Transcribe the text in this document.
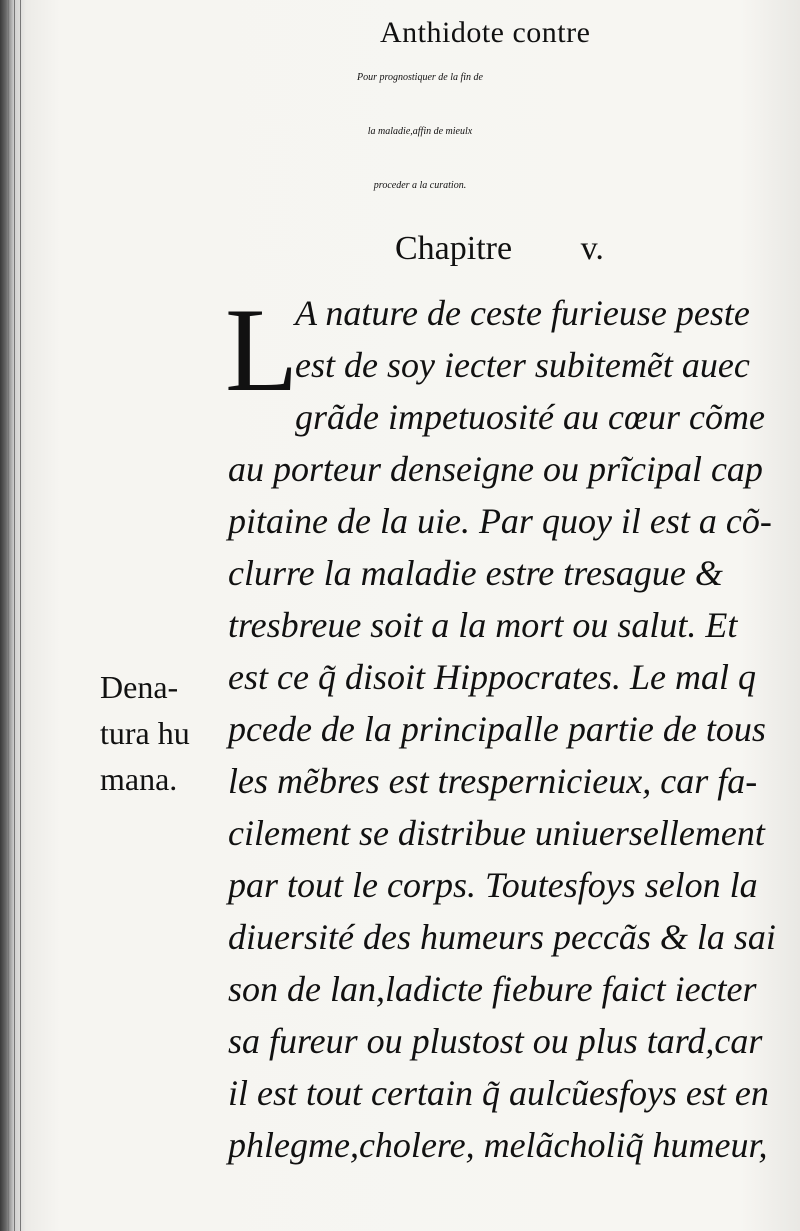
Anthidote contre
Pour prognostiquer de la fin de
la maladie,affin de mieulx
proceder a la curation.
Chapitre v.
L
A nature de ceste furieuse peste
est de soy iecter subitemẽt auec
grãde impetuosité au cœur cõme
au porteur denseigne ou prĩcipal cap
pitaine de la uie. Par quoy il est a cõ-
clurre la maladie estre tresague &
tresbreue soit a la mort ou salut. Et
est ce q̃ disoit Hippocrates. Le mal q
pcede de la principalle partie de tous
les mẽbres est trespernicieux, car fa-
cilement se distribue uniuersellement
par tout le corps. Toutesfoys selon la
diuersité des humeurs peccãs & la sai
son de lan,ladicte fiebure faict iecter
sa fureur ou plustost ou plus tard,car
il est tout certain q̃ aulcũesfoys est en
phlegme,cholere, melãcholiq̃ humeur,
Dena-
tura hu
mana.
